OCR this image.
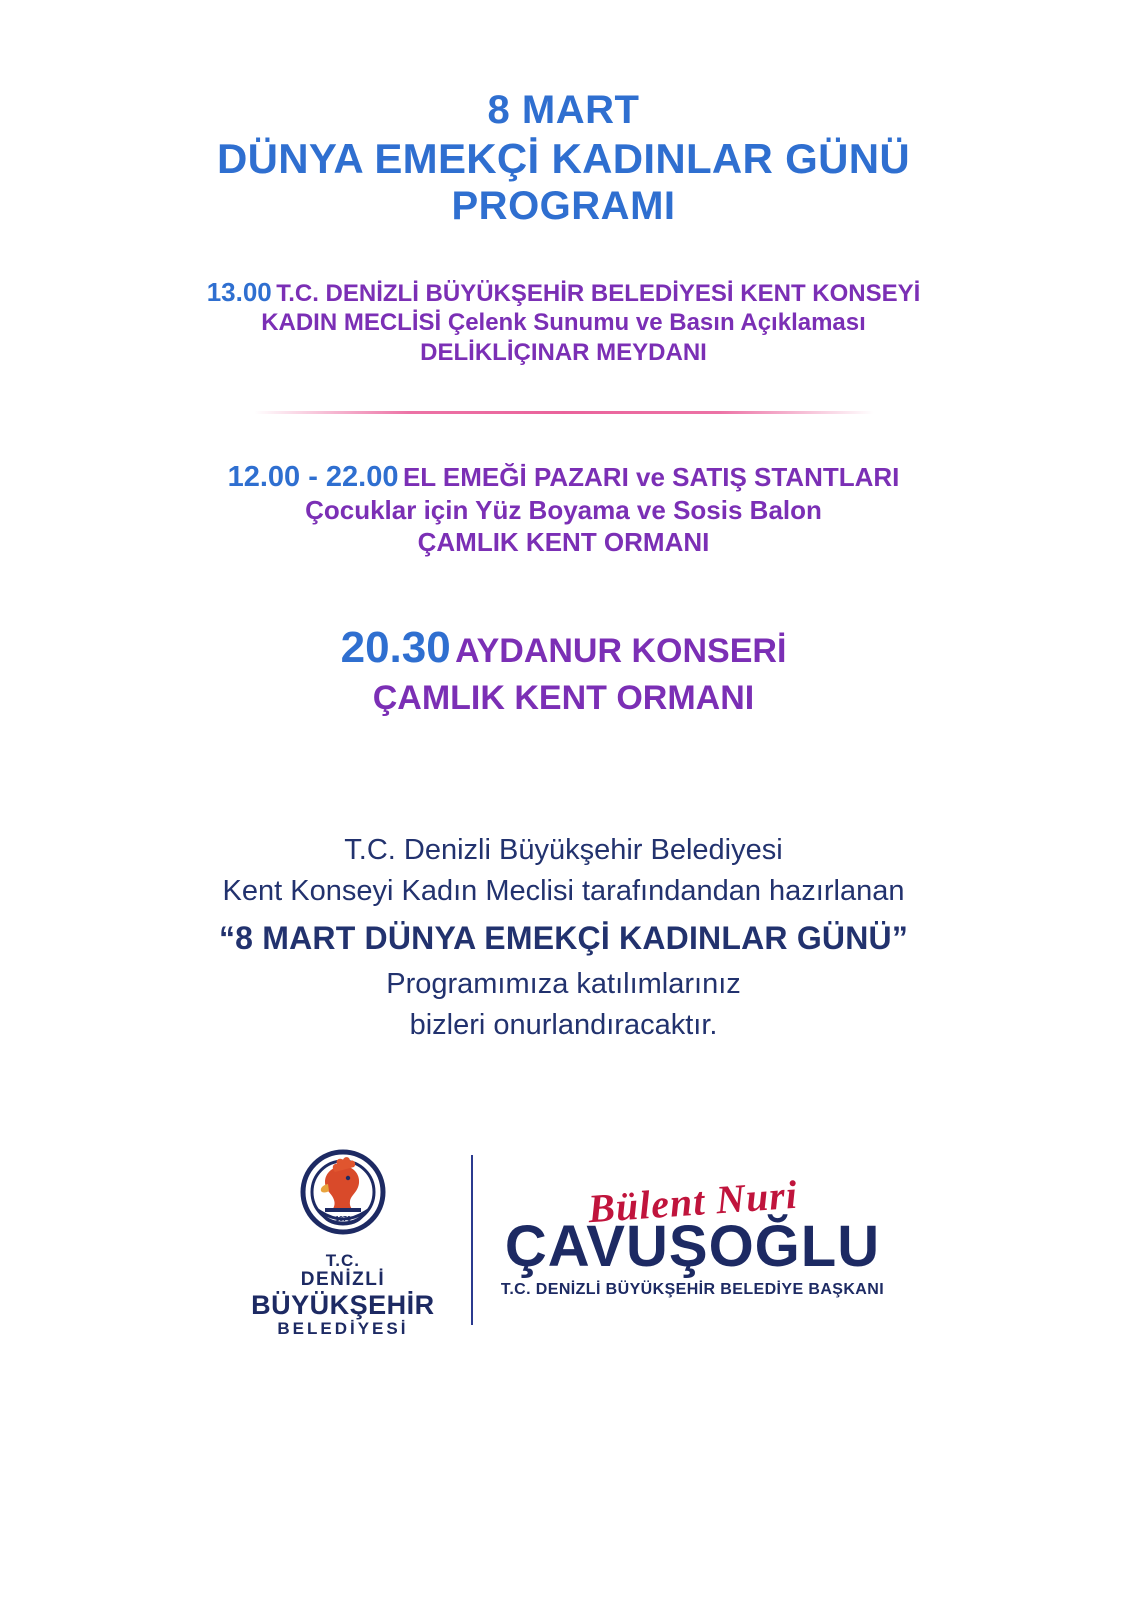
8 MART
DÜNYA EMEKÇİ KADINLAR GÜNÜ
PROGRAMI
13.00 T.C. DENİZLİ BÜYÜKŞEHİR BELEDİYESİ KENT KONSEYİ
KADIN MECLİSİ Çelenk Sunumu ve Basın Açıklaması
DELİKLİÇINAR MEYDANI
12.00 - 22.00 EL EMEĞİ PAZARI ve SATIŞ STANTLARI
Çocuklar için Yüz Boyama ve Sosis Balon
ÇAMLIK KENT ORMANI
20.30 AYDANUR KONSERİ
ÇAMLIK KENT ORMANI
T.C. Denizli Büyükşehir Belediyesi
Kent Konseyi Kadın Meclisi tarafındandan hazırlanan
“8 MART DÜNYA EMEKÇİ KADINLAR GÜNÜ”
Programımıza katılımlarınız
bizleri onurlandıracaktır.
1876
T.C.
DENİZLİ
BÜYÜKŞEHİR
BELEDİYESİ
Bülent Nuri
ÇAVUŞOĞLU
T.C. DENİZLİ BÜYÜKŞEHİR BELEDİYE BAŞKANI
